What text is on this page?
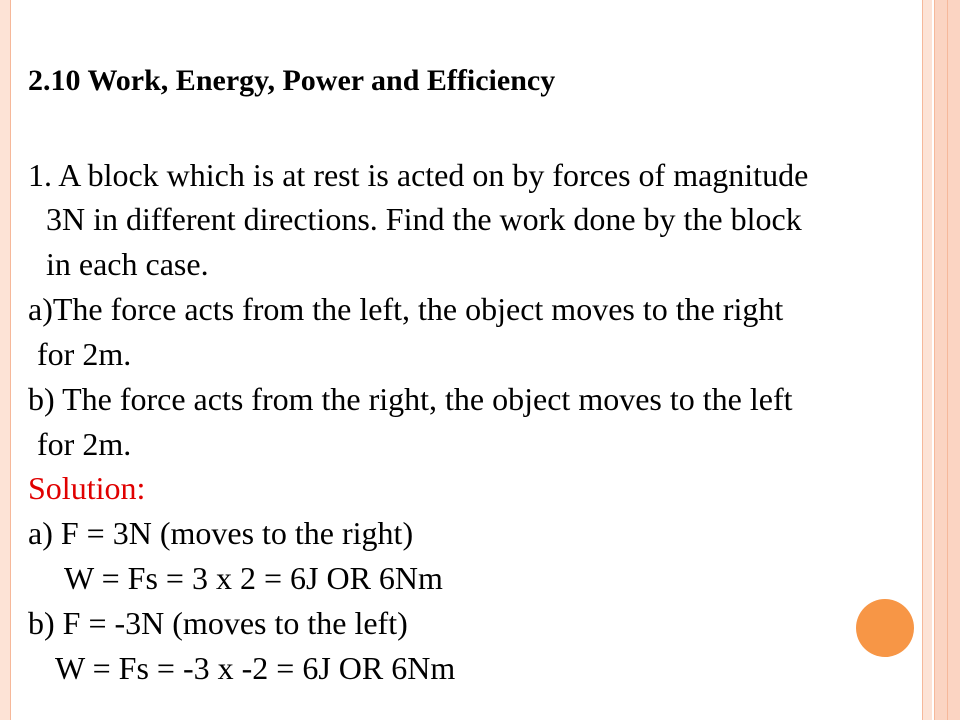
2.10 Work, Energy, Power and Efficiency
1. A block which is at rest is acted on by forces of magnitude
3N in different directions. Find the work done by the block
in each case.
a)The force acts from the left, the object moves to the right
for 2m.
b) The force acts from the right, the object moves to the left
for 2m.
Solution:
a) F = 3N (moves to the right)
W = Fs = 3 x 2 = 6J OR 6Nm
b) F = -3N (moves to the left)
W = Fs = -3 x -2 = 6J OR 6Nm
